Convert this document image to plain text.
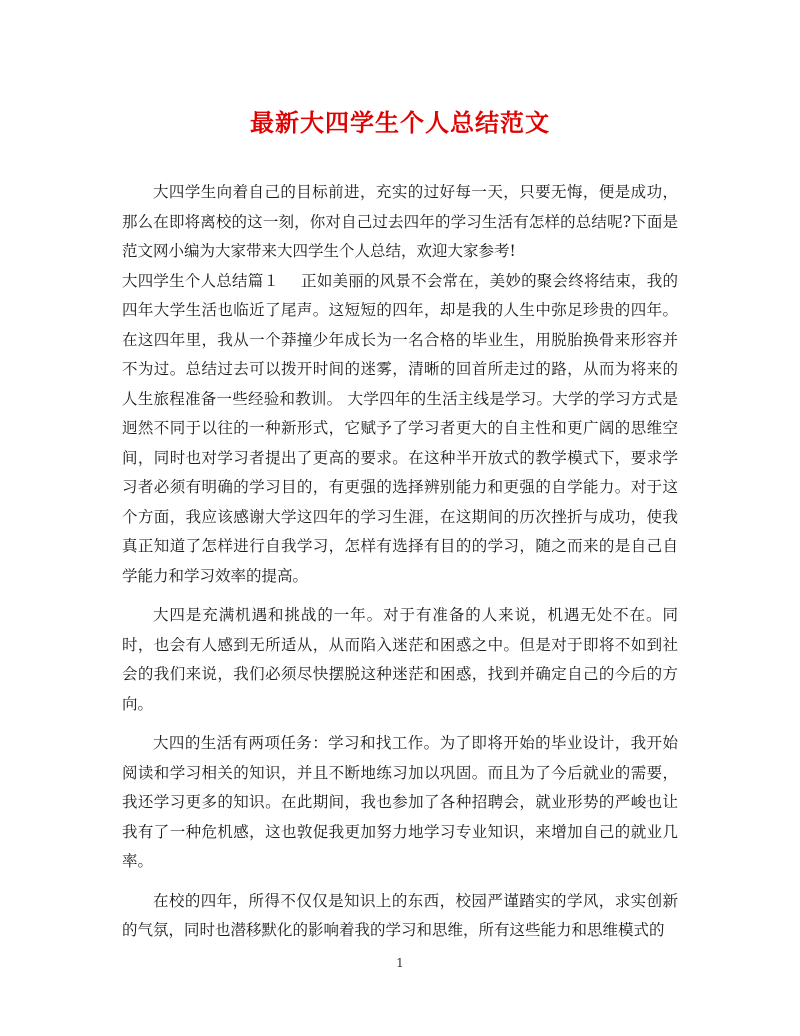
最新大四学生个人总结范文

大四学生向着自己的目标前进，充实的过好每一天，只要无悔，便是成功，那么在即将离校的这一刻，你对自己过去四年的学习生活有怎样的总结呢?下面是范文网小编为大家带来大四学生个人总结，欢迎大家参考!

大四学生个人总结篇１ 正如美丽的风景不会常在，美妙的聚会终将结束，我的四年大学生活也临近了尾声。这短短的四年，却是我的人生中弥足珍贵的四年。在这四年里，我从一个莽撞少年成长为一名合格的毕业生，用脱胎换骨来形容并不为过。总结过去可以拨开时间的迷雾，清晰的回首所走过的路，从而为将来的人生旅程准备一些经验和教训。 大学四年的生活主线是学习。大学的学习方式是迥然不同于以往的一种新形式，它赋予了学习者更大的自主性和更广阔的思维空间，同时也对学习者提出了更高的要求。在这种半开放式的教学模式下，要求学习者必须有明确的学习目的，有更强的选择辨别能力和更强的自学能力。对于这个方面，我应该感谢大学这四年的学习生涯，在这期间的历次挫折与成功，使我真正知道了怎样进行自我学习，怎样有选择有目的的学习，随之而来的是自己自学能力和学习效率的提高。

大四是充满机遇和挑战的一年。对于有准备的人来说，机遇无处不在。同时，也会有人感到无所适从，从而陷入迷茫和困惑之中。但是对于即将不如到社会的我们来说，我们必须尽快摆脱这种迷茫和困惑，找到并确定自己的今后的方向。

大四的生活有两项任务：学习和找工作。为了即将开始的毕业设计，我开始阅读和学习相关的知识，并且不断地练习加以巩固。而且为了今后就业的需要，我还学习更多的知识。在此期间，我也参加了各种招聘会，就业形势的严峻也让我有了一种危机感，这也敦促我更加努力地学习专业知识，来增加自己的就业几率。

在校的四年，所得不仅仅是知识上的东西，校园严谨踏实的学风，求实创新的气氛，同时也潜移默化的影响着我的学习和思维，所有这些能力和思维模式的

1
